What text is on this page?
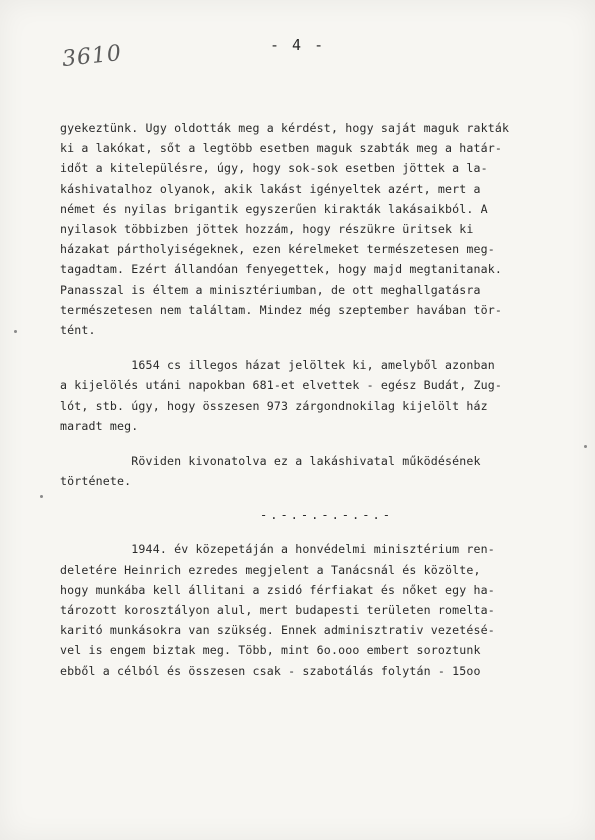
3610	- 4 -
gyekeztünk. Ugy oldották meg a kérdést, hogy saját maguk rakták
ki a lakókat, sőt a legtöbb esetben maguk szabták meg a határ-
időt a kitelepülésre, úgy, hogy sok-sok esetben jöttek a la-
káshivatalhoz olyanok, akik lakást igényeltek azért, mert a
német és nyilas brigantik egyszerűen kirakták lakásaikból. A
nyilasok többizben jöttek hozzám, hogy részükre üritsek ki
házakat pártholyiségeknek, ezen kérelmeket természetesen meg-
tagadtam. Ezért állandóan fenyegettek, hogy majd megtanitanak.
Panasszal is éltem a minisztériumban, de ott meghallgatásra
természetesen nem találtam. Mindez még szeptember havában tör-
tént.
1654 cs illegos házat jelöltek ki, amelyből azonban
a kijelölés utáni napokban 681-et elvettek - egész Budát, Zug-
lót, stb. úgy, hogy összesen 973 zárgondnokilag kijelölt ház
maradt meg.
Röviden kivonatolva ez a lakáshivatal működésének
története.
-.-.-.-.-.-.-
1944. év közepetáján a honvédelmi minisztérium ren-
deletére Heinrich ezredes megjelent a Tanácsnál és közölte,
hogy munkába kell állitani a zsidó férfiakat és nőket egy ha-
tározott korosztályon alul, mert budapesti területen romelta-
karitó munkásokra van szükség. Ennek adminisztrativ vezetésé-
vel is engem biztak meg. Több, mint 6o.ooo embert soroztunk
ebből a célból és összesen csak - szabotálás folytán - 15oo
